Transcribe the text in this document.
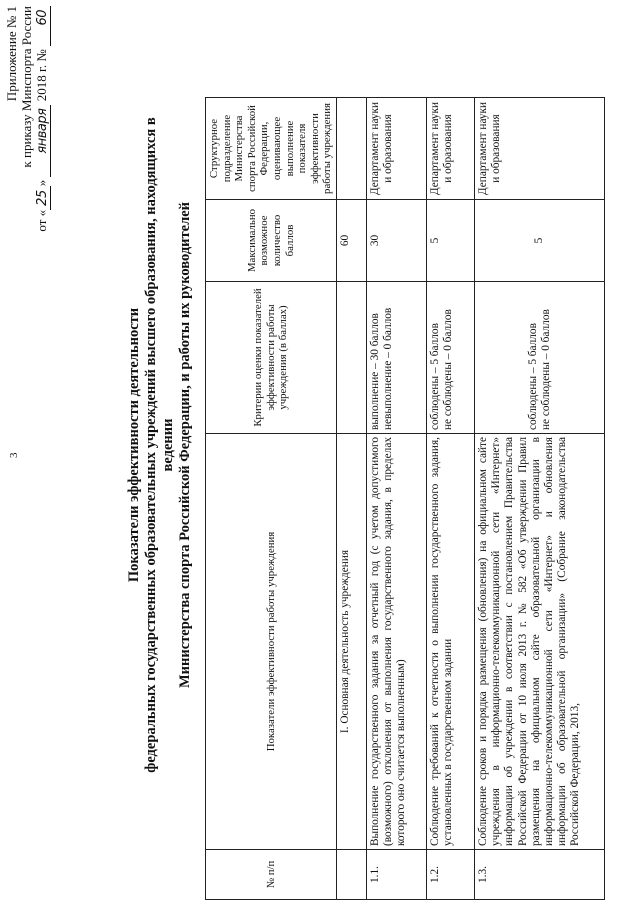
3
Приложение № 1 к приказу Минспорта России
от «25» января 2018 г. № 60
Показатели эффективности деятельности федеральных государственных образовательных учреждений высшего образования, находящихся в ведении Министерства спорта Российской Федерации, и работы их руководителей
№ п/п	Показатели эффективности работы учреждения	Критерии оценки показателей эффективности работы учреждения (в баллах)	Максимально возможное количество баллов	Структурное подразделение Министерства спорта Российской Федерации, оценивающее выполнение показателя эффективности работы учреждения
	I. Основная деятельность учреждения		60	
1.1.	Выполнение государственного задания за отчетный год (с учетом допустимого (возможного) отклонения от выполнения государственного задания, в пределах которого оно считается выполненным)	выполнение – 30 баллов невыполнение – 0 баллов	30	Департамент науки и образования
1.2.	Соблюдение требований к отчетности о выполнении государственного задания, установленных в государственном задании	соблюдены – 5 баллов не соблюдены – 0 баллов	5	Департамент науки и образования
1.3.	Соблюдение сроков и порядка размещения (обновления) на официальном сайте учреждения в информационно-телекоммуникационной сети «Интернет» информации об учреждении в соответствии с постановлением Правительства Российской Федерации от 10 июля 2013 г. № 582 «Об утверждении Правил размещения на официальном сайте образовательной организации в информационно-телекоммуникационной сети «Интернет» и обновления информации об образовательной организации» (Собрание законодательства Российской Федерации, 2013,	соблюдены – 5 баллов не соблюдены – 0 баллов	5	Департамент науки и образования
